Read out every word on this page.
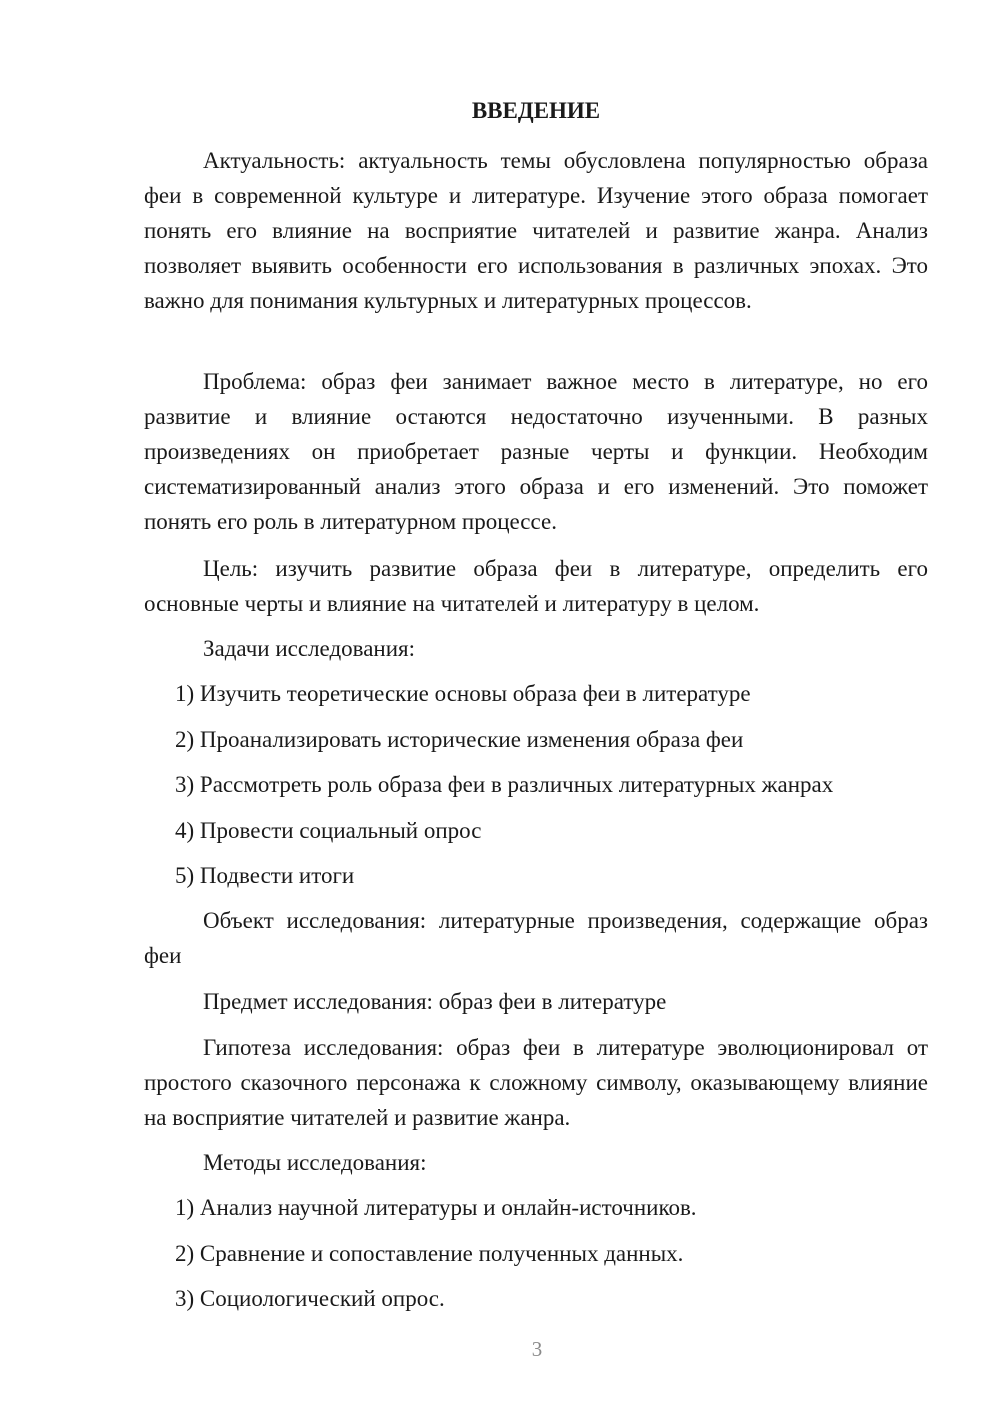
ВВЕДЕНИЕ

Актуальность: актуальность темы обусловлена популярностью образа феи в современной культуре и литературе. Изучение этого образа помогает понять его влияние на восприятие читателей и развитие жанра. Анализ позволяет выявить особенности его использования в различных эпохах. Это важно для понимания культурных и литературных процессов.

Проблема: образ феи занимает важное место в литературе, но его развитие и влияние остаются недостаточно изученными. В разных произведениях он приобретает разные черты и функции. Необходим систематизированный анализ этого образа и его изменений. Это поможет понять его роль в литературном процессе.

Цель: изучить развитие образа феи в литературе, определить его основные черты и влияние на читателей и литературу в целом.

Задачи исследования:

1) Изучить теоретические основы образа феи в литературе

2) Проанализировать исторические изменения образа феи

3) Рассмотреть роль образа феи в различных литературных жанрах

4) Провести социальный опрос

5) Подвести итоги

Объект исследования: литературные произведения, содержащие образ феи

Предмет исследования: образ феи в литературе

Гипотеза исследования: образ феи в литературе эволюционировал от простого сказочного персонажа к сложному символу, оказывающему влияние на восприятие читателей и развитие жанра.

Методы исследования:

1) Анализ научной литературы и онлайн-источников.

2) Сравнение и сопоставление полученных данных.

3) Социологический опрос.

3
